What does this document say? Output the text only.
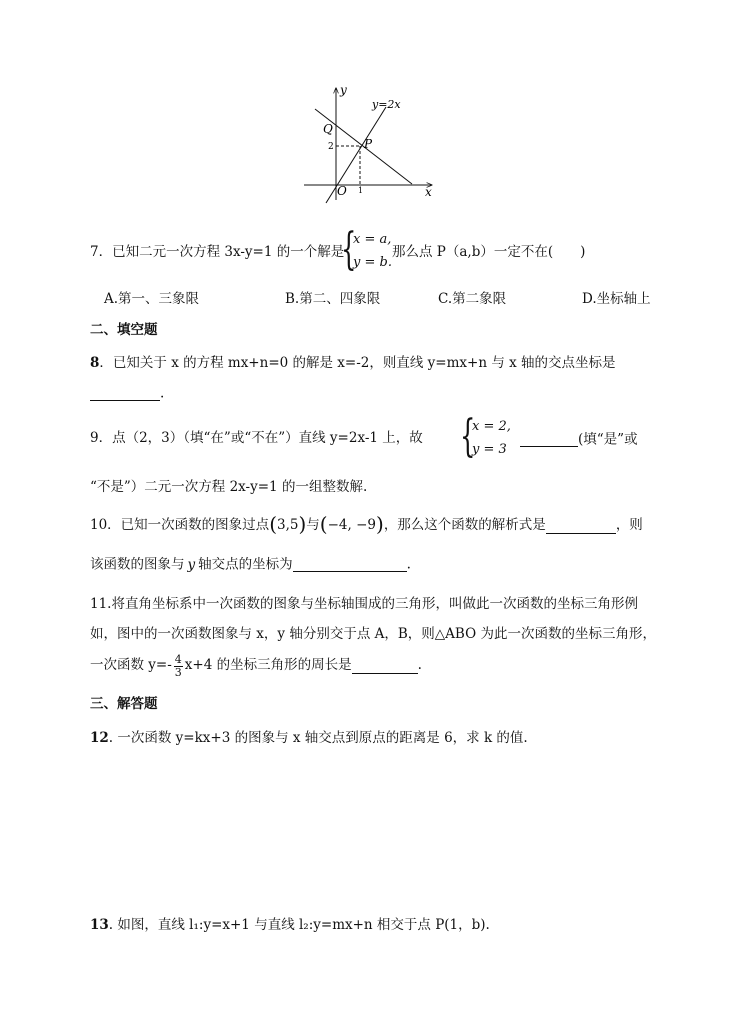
y
y=2x
Q
2	P
O 1	x
7．已知二元一次方程 3x-y=1 的一个解是
{
x = a,
y = b.
那么点 P（a,b）一定不在(　　)
A.第一、三象限	B.第二、四象限	C.第二象限	D.坐标轴上
二、填空题
8．已知关于 x 的方程 mx+n=0 的解是 x=-2，则直线 y=mx+n 与 x 轴的交点坐标是
.
9．点（2，3）（填“在”或“不在”）直线 y=2x-1 上，故 {
x = 2,
y = 3
(填“是”或
“不是”）二元一次方程 2x-y=1 的一组整数解.
10．已知一次函数的图象过点(3,5)与(−4, −9)，那么这个函数的解析式是	，则
该函数的图象与 y 轴交点的坐标为	.
11.将直角坐标系中一次函数的图象与坐标轴围成的三角形，叫做此一次函数的坐标三角形例
如，图中的一次函数图象与 x，y 轴分别交于点 A，B，则△ABO 为此一次函数的坐标三角形，
一次函数 $y=- \frac{4}{3} x+4$ 的坐标三角形的周长是	.
三、解答题
12. 一次函数 y=kx+3 的图象与 x 轴交点到原点的距离是 6，求 k 的值.
13. 如图，直线 l₁:y=x+1 与直线 l₂:y=mx+n 相交于点 P(1，b).
